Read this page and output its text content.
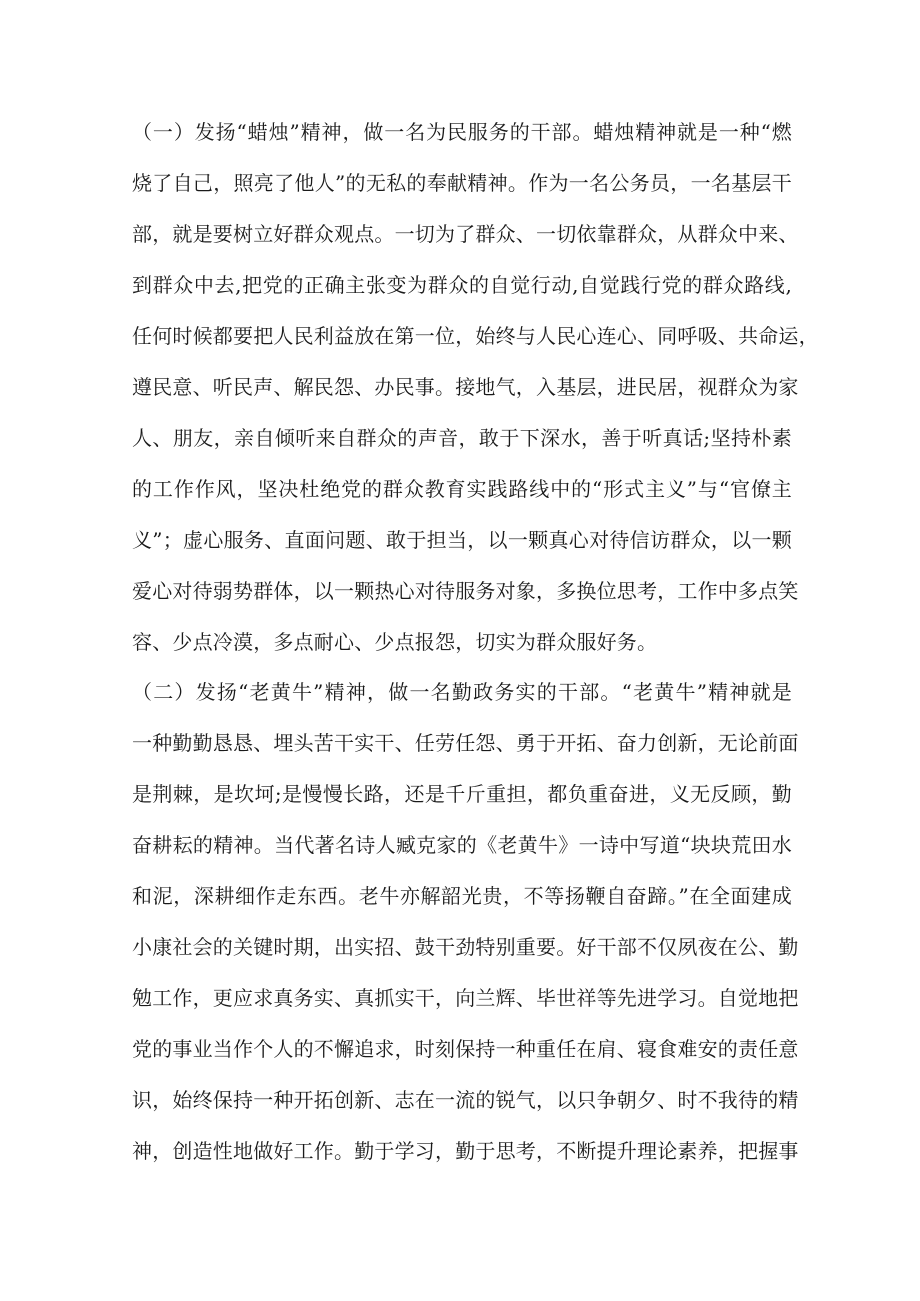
（一）发扬“蜡烛”精神，做一名为民服务的干部。蜡烛精神就是一种“燃
烧了自己，照亮了他人”的无私的奉献精神。作为一名公务员，一名基层干
部，就是要树立好群众观点。一切为了群众、一切依靠群众，从群众中来、
到群众中去,把党的正确主张变为群众的自觉行动,自觉践行党的群众路线,
任何时候都要把人民利益放在第一位，始终与人民心连心、同呼吸、共命运，
遵民意、听民声、解民怨、办民事。接地气，入基层，进民居，视群众为家
人、朋友，亲自倾听来自群众的声音，敢于下深水，善于听真话;坚持朴素
的工作作风，坚决杜绝党的群众教育实践路线中的“形式主义”与“官僚主
义”；虚心服务、直面问题、敢于担当，以一颗真心对待信访群众，以一颗
爱心对待弱势群体，以一颗热心对待服务对象，多换位思考，工作中多点笑
容、少点冷漠，多点耐心、少点报怨，切实为群众服好务。

（二）发扬“老黄牛”精神，做一名勤政务实的干部。“老黄牛”精神就是
一种勤勤恳恳、埋头苦干实干、任劳任怨、勇于开拓、奋力创新，无论前面
是荆棘，是坎坷;是慢慢长路，还是千斤重担，都负重奋进，义无反顾，勤
奋耕耘的精神。当代著名诗人臧克家的《老黄牛》一诗中写道“块块荒田水
和泥，深耕细作走东西。老牛亦解韶光贵，不等扬鞭自奋蹄。”在全面建成
小康社会的关键时期，出实招、鼓干劲特别重要。好干部不仅夙夜在公、勤
勉工作，更应求真务实、真抓实干，向兰辉、毕世祥等先进学习。自觉地把
党的事业当作个人的不懈追求，时刻保持一种重任在肩、寝食难安的责任意
识，始终保持一种开拓创新、志在一流的锐气，以只争朝夕、时不我待的精
神，创造性地做好工作。勤于学习，勤于思考，不断提升理论素养，把握事
